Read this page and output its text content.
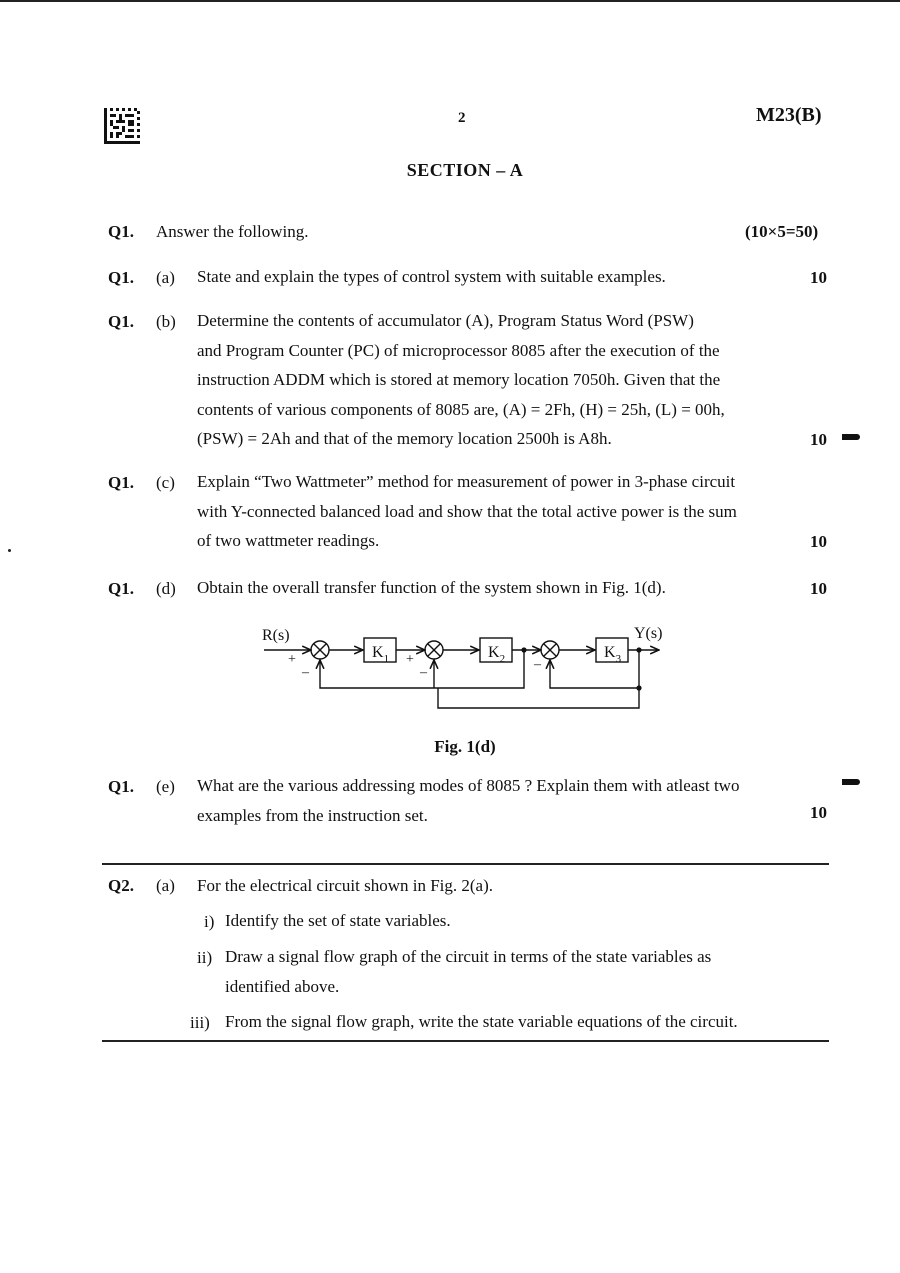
2	M23(B)
SECTION – A
Q1. Answer the following.	(10×5=50)
Q1. (a) State and explain the types of control system with suitable examples.	10
Q1. (b) Determine the contents of accumulator (A), Program Status Word (PSW)
and Program Counter (PC) of microprocessor 8085 after the execution of the
instruction ADDM which is stored at memory location 7050h. Given that the
contents of various components of 8085 are, (A) = 2Fh, (H) = 25h, (L) = 00h,
(PSW) = 2Ah and that of the memory location 2500h is A8h.	10
Q1. (c) Explain “Two Wattmeter” method for measurement of power in 3-phase circuit
with Y-connected balanced load and show that the total active power is the sum
of two wattmeter readings.	10
Q1. (d) Obtain the overall transfer function of the system shown in Fig. 1(d).	10
R(s)	Y(s)
$K_1$	$K_2$	$K_3$
+
–
+
–
–
Fig. 1(d)
Q1. (e) What are the various addressing modes of 8085 ? Explain them with atleast two
examples from the instruction set.	10
Q2. (a) For the electrical circuit shown in Fig. 2(a).
i) Identify the set of state variables.
ii) Draw a signal flow graph of the circuit in terms of the state variables as
identified above.
iii) From the signal flow graph, write the state variable equations of the circuit.
